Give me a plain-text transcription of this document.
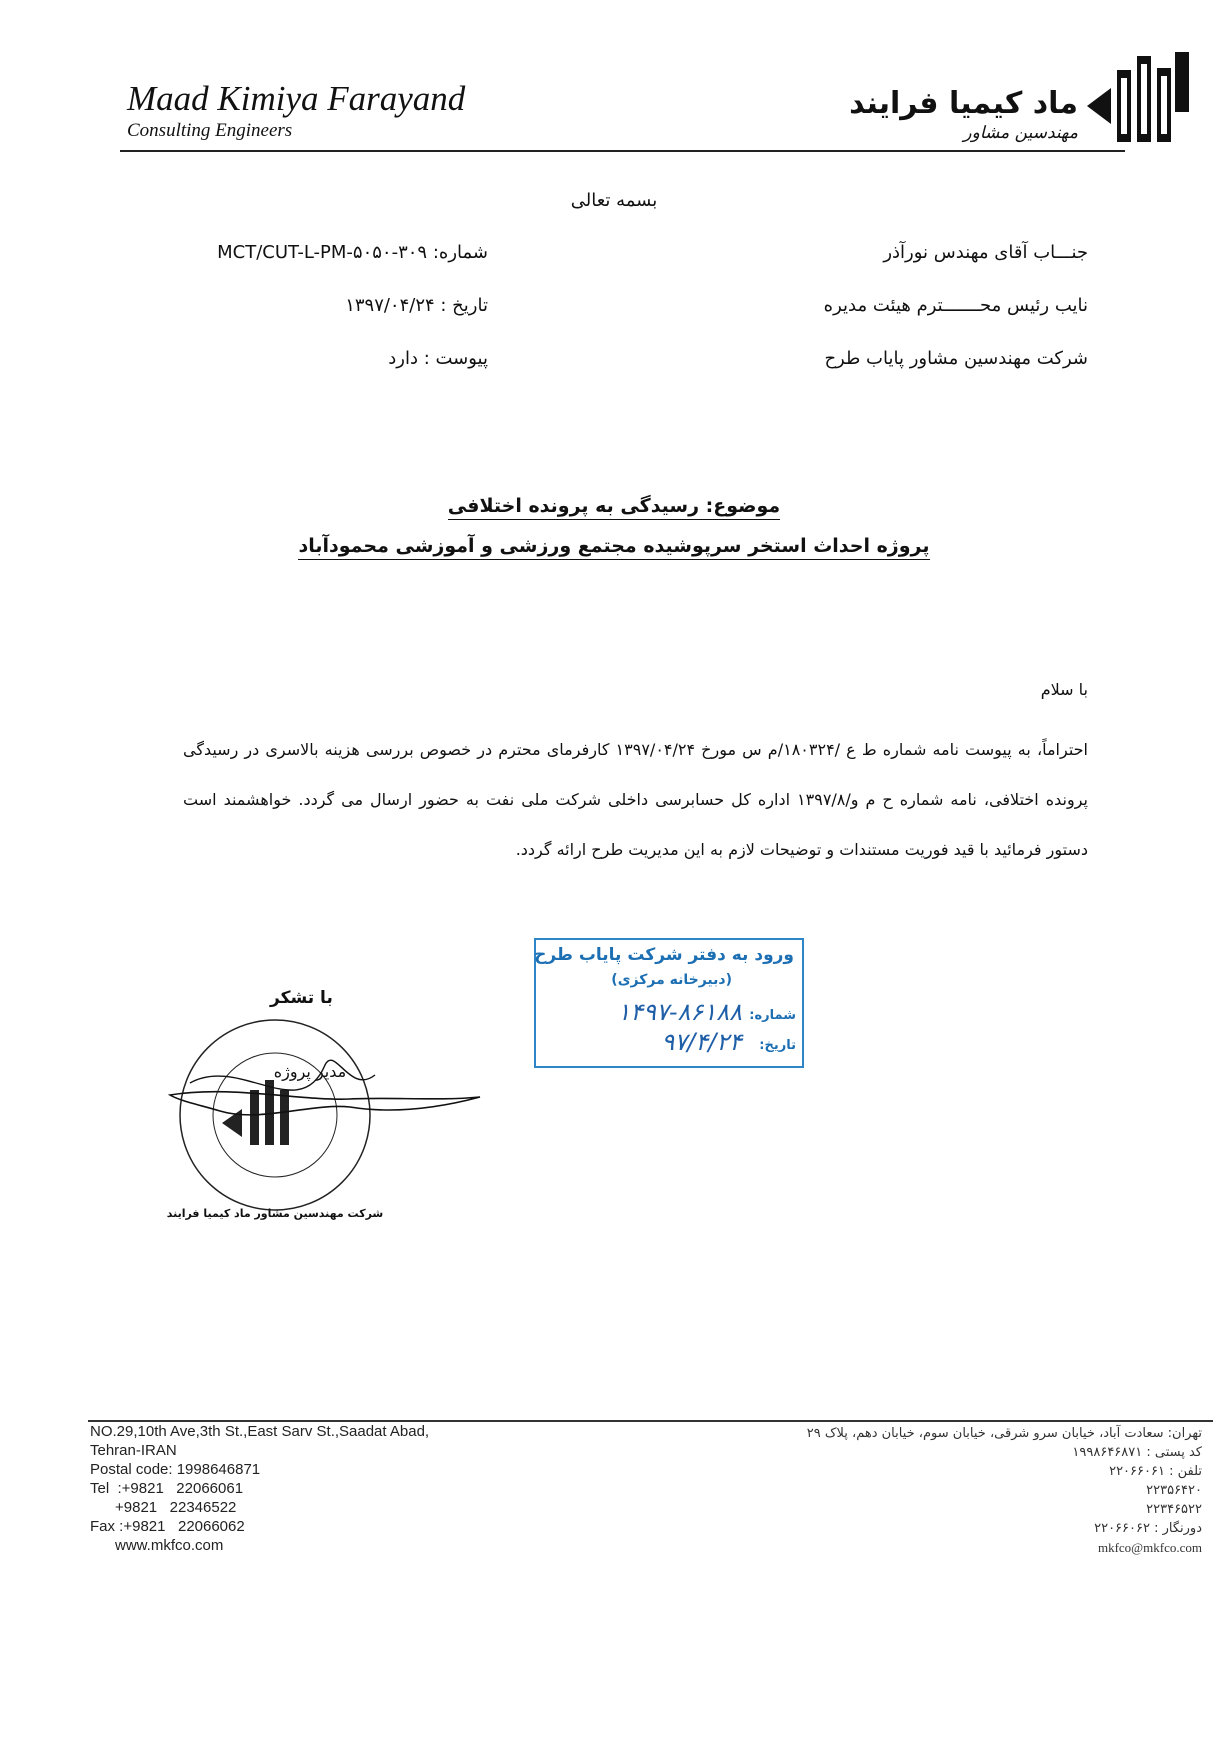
Maad Kimiya Farayand
Consulting Engineers
ماد کیمیا فرایند
مهندسین مشاور
بسمه تعالی
جنـــاب آقای مهندس نورآذر
نایب رئیس محـــــــترم هیئت مدیره
شرکت مهندسین مشاور پایاب طرح
شماره: ۳۰۹-MCT/CUT-L-PM-۵۰۵۰
تاریخ : ۱۳۹۷/۰۴/۲۴
پیوست : دارد
موضوع: رسیدگی به پرونده اختلافی
پروژه احداث استخر سرپوشیده مجتمع ورزشی و آموزشی محمودآباد
با سلام
احتراماً، به پیوست نامه شماره ط ع /۱۸۰۳۲۴/م س مورخ ۱۳۹۷/۰۴/۲۴ کارفرمای محترم در خصوص بررسی هزینه بالاسری در رسیدگی پرونده اختلافی، نامه شماره ح م و/۱۳۹۷/۸ اداره کل حسابرسی داخلی شرکت ملی نفت به حضور ارسال می گردد. خواهشمند است دستور فرمائید با قید فوریت مستندات و توضیحات لازم به این مدیریت طرح ارائه گردد.
ورود به دفتر شرکت پایاب طرح
(دبیرخانه مرکزی)
شماره:
۱۴۹۷-۸۶۱۸۸
تاریخ:
۹۷/۴/۲۴
با تشکر
مدیر پروژه
شرکت مهندسین مشاور ماد کیمیا فرایند
NO.29,10th Ave,3th St.,East Sarv St.,Saadat Abad,
Tehran-IRAN
Postal code: 1998646871
Tel  :+9821   22066061
+9821   22346522
Fax :+9821   22066062
www.mkfco.com
تهران: سعادت آباد، خیابان سرو شرقی، خیابان سوم، خیابان دهم، پلاک ۲۹
کد پستی : ۱۹۹۸۶۴۶۸۷۱
تلفن : ۲۲۰۶۶۰۶۱
۲۲۳۵۶۴۲۰
۲۲۳۴۶۵۲۲
دورنگار : ۲۲۰۶۶۰۶۲
mkfco@mkfco.com
